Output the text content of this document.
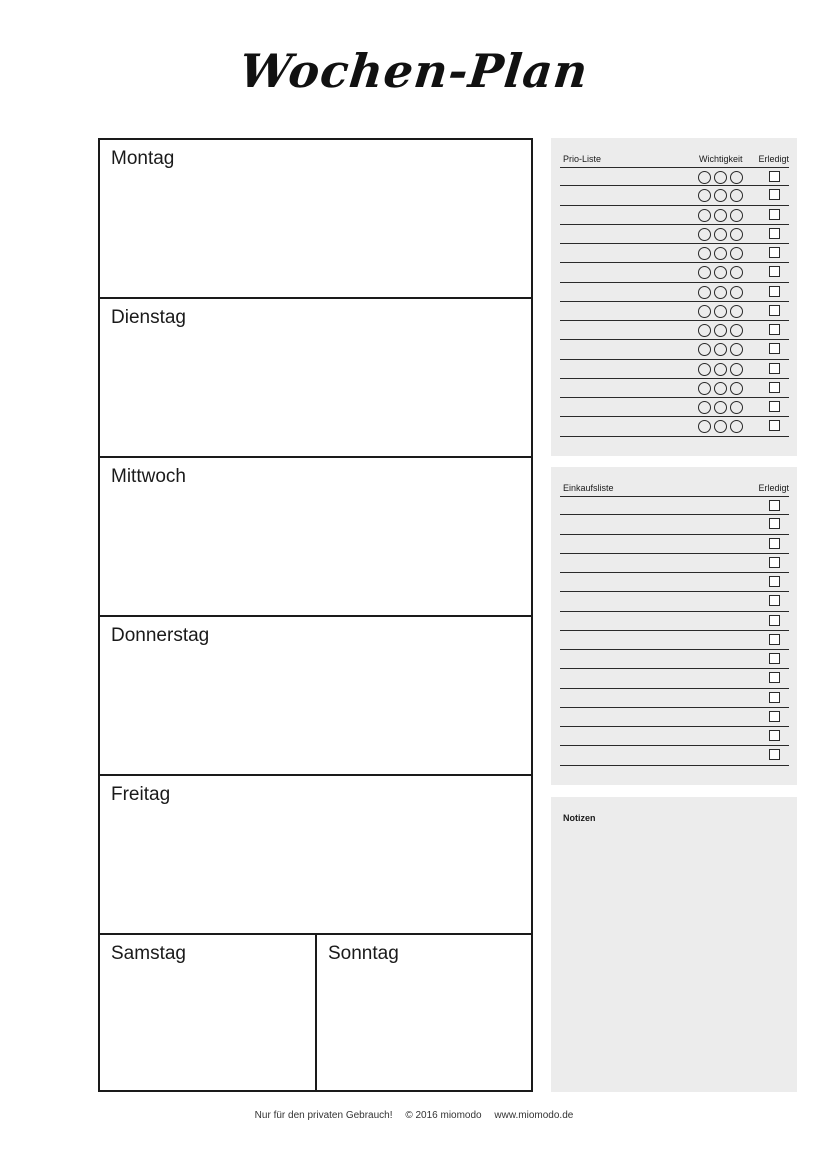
Wochen-Plan
Montag
Dienstag
Mittwoch
Donnerstag
Freitag
Samstag	Sonntag
Prio-Liste	Wichtigkeit Erledigt
Einkaufsliste	Erledigt
Notizen
Nur für den privaten Gebrauch! © 2016 miomodo www.miomodo.de
